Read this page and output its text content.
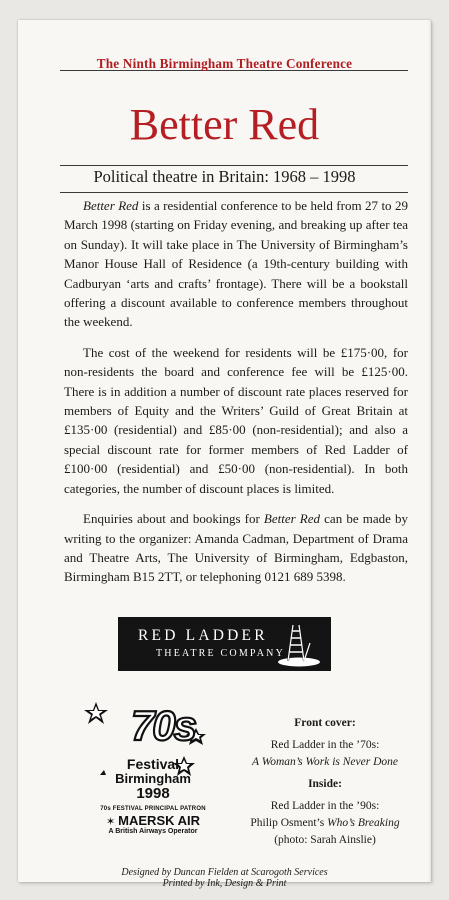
The Ninth Birmingham Theatre Conference
Better Red
Political theatre in Britain: 1968 – 1998

Better Red is a residential conference to be held from 27 to 29 March 1998 (starting on Friday evening, and breaking up after tea on Sunday). It will take place in The University of Birmingham’s Manor House Hall of Residence (a 19th-century building with Cadburyan ‘arts and crafts’ frontage). There will be a bookstall offering a discount available to conference members throughout the weekend.

The cost of the weekend for residents will be £175·00, for non-residents the board and conference fee will be £125·00. There is in addition a number of discount rate places reserved for members of Equity and the Writers’ Guild of Great Britain at £135·00 (residential) and £85·00 (non-residential); and also a special discount rate for former members of Red Ladder of £100·00 (residential) and £50·00 (non-residential). In both categories, the number of discount places is limited.

Enquiries about and bookings for Better Red can be made by writing to the organizer: Amanda Cadman, Department of Drama and Theatre Arts, The University of Birmingham, Edgbaston, Birmingham B15 2TT, or telephoning 0121 689 5398.

RED LADDER
THEATRE COMPANY
70s
Festival
Birmingham
1998
70s FESTIVAL PRINCIPAL PATRON
✶ MAERSK AIR
A British Airways Operator
Front cover:
Red Ladder in the ’70s:
A Woman’s Work is Never Done
Inside:
Red Ladder in the ’90s:
Philip Osment’s Who’s Breaking
(photo: Sarah Ainslie)
Designed by Duncan Fielden at Scarogoth Services
Printed by Ink, Design & Print
